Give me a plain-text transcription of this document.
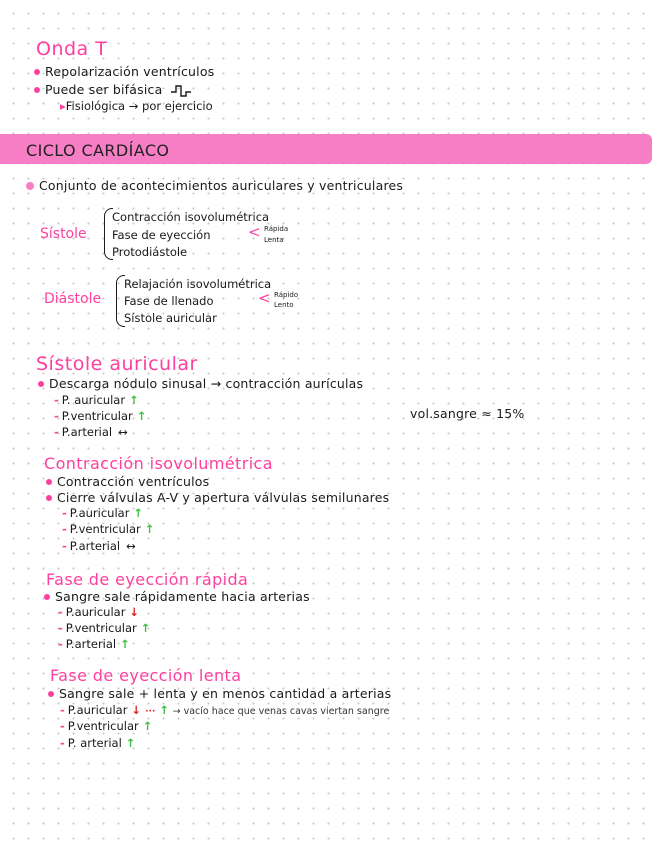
Onda T
Repolarización ventrículos
Puede ser bifásica
▸Fisiológica → por ejercicio
CICLO CARDÍACO
Conjunto de acontecimientos auriculares y ventriculares
Sístole
Contracción isovolumétrica
Fase de eyección	< Rápida
Lenta
Protodiástole
Diástole
Relajación isovolumétrica
Fase de llenado	< Rápido
Lento
Sístole auricular
Sístole auricular
Descarga nódulo sinusal → contracción aurículas
- P. auricular ↑
- P.ventricular ↑
- P.arterial ↔
vol.sangre ≈ 15%
Contracción isovolumétrica
Contracción ventrículos
Cierre válvulas A-V y apertura válvulas semilunares
- P.auricular ↑
- P.ventricular ↑
- P.arterial ↔
Fase de eyección rápida
Sangre sale rápidamente hacia arterias
- P.auricular ↓
- P.ventricular ↑
- P.arterial ↑
Fase de eyección lenta
Sangre sale + lenta y en menos cantidad a arterias
- P.auricular ↓ ··· ↑ → vacío hace que venas cavas viertan sangre
- P.ventricular ↑
- P. arterial ↑
